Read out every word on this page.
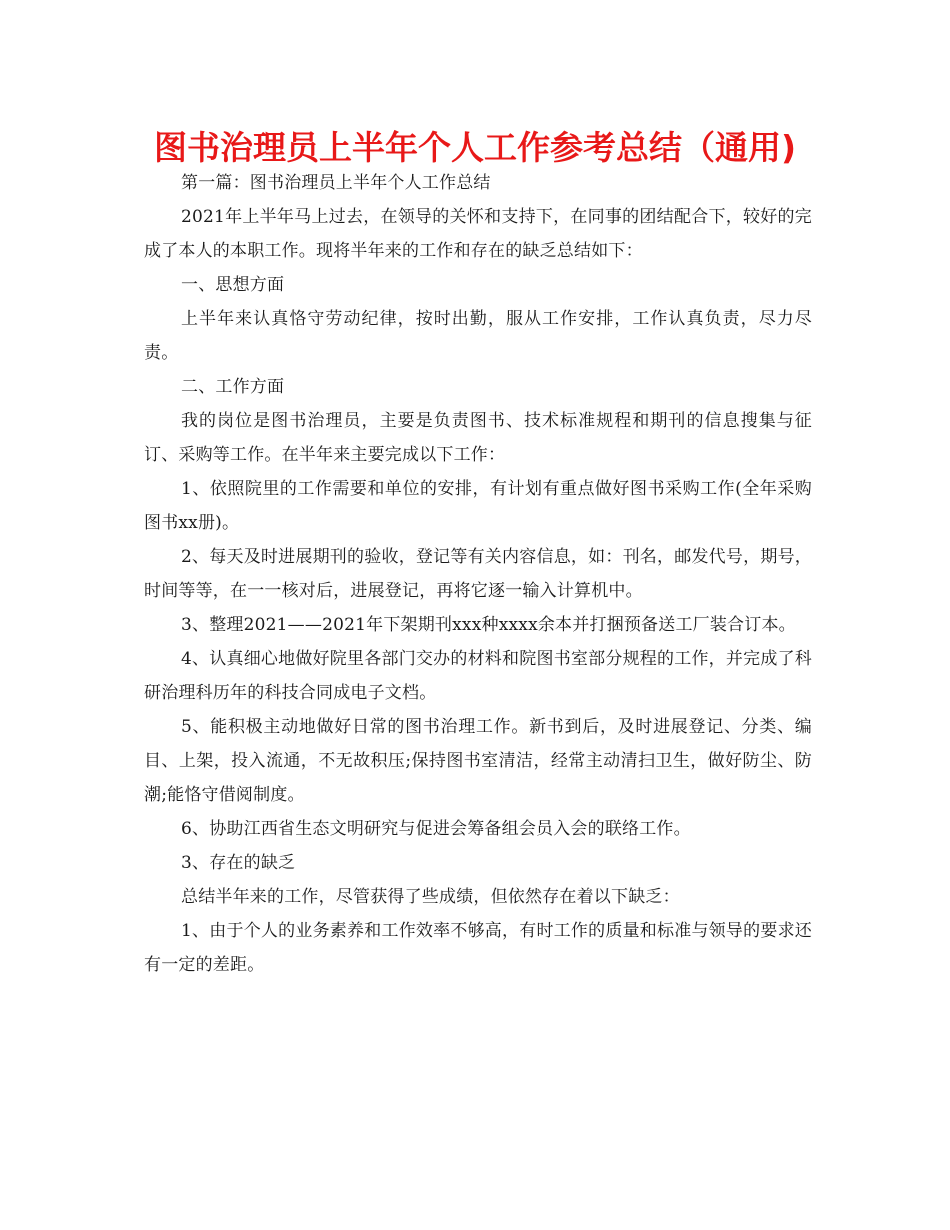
图书治理员上半年个人工作参考总结（通用)

第一篇：图书治理员上半年个人工作总结

2021年上半年马上过去，在领导的关怀和支持下，在同事的团结配合下，较好的完成了本人的本职工作。现将半年来的工作和存在的缺乏总结如下：

一、思想方面

上半年来认真恪守劳动纪律，按时出勤，服从工作安排，工作认真负责，尽力尽责。

二、工作方面

我的岗位是图书治理员，主要是负责图书、技术标准规程和期刊的信息搜集与征订、采购等工作。在半年来主要完成以下工作：

1、依照院里的工作需要和单位的安排，有计划有重点做好图书采购工作(全年采购图书xx册)。

2、每天及时进展期刊的验收，登记等有关内容信息，如：刊名，邮发代号，期号，时间等等，在一一核对后，进展登记，再将它逐一输入计算机中。

3、整理2021——2021年下架期刊xxx种xxxx余本并打捆预备送工厂装合订本。

4、认真细心地做好院里各部门交办的材料和院图书室部分规程的工作，并完成了科研治理科历年的科技合同成电子文档。

5、能积极主动地做好日常的图书治理工作。新书到后，及时进展登记、分类、编目、上架，投入流通，不无故积压;保持图书室清洁，经常主动清扫卫生，做好防尘、防潮;能恪守借阅制度。

6、协助江西省生态文明研究与促进会筹备组会员入会的联络工作。

3、存在的缺乏

总结半年来的工作，尽管获得了些成绩，但依然存在着以下缺乏：

1、由于个人的业务素养和工作效率不够高，有时工作的质量和标准与领导的要求还有一定的差距。
